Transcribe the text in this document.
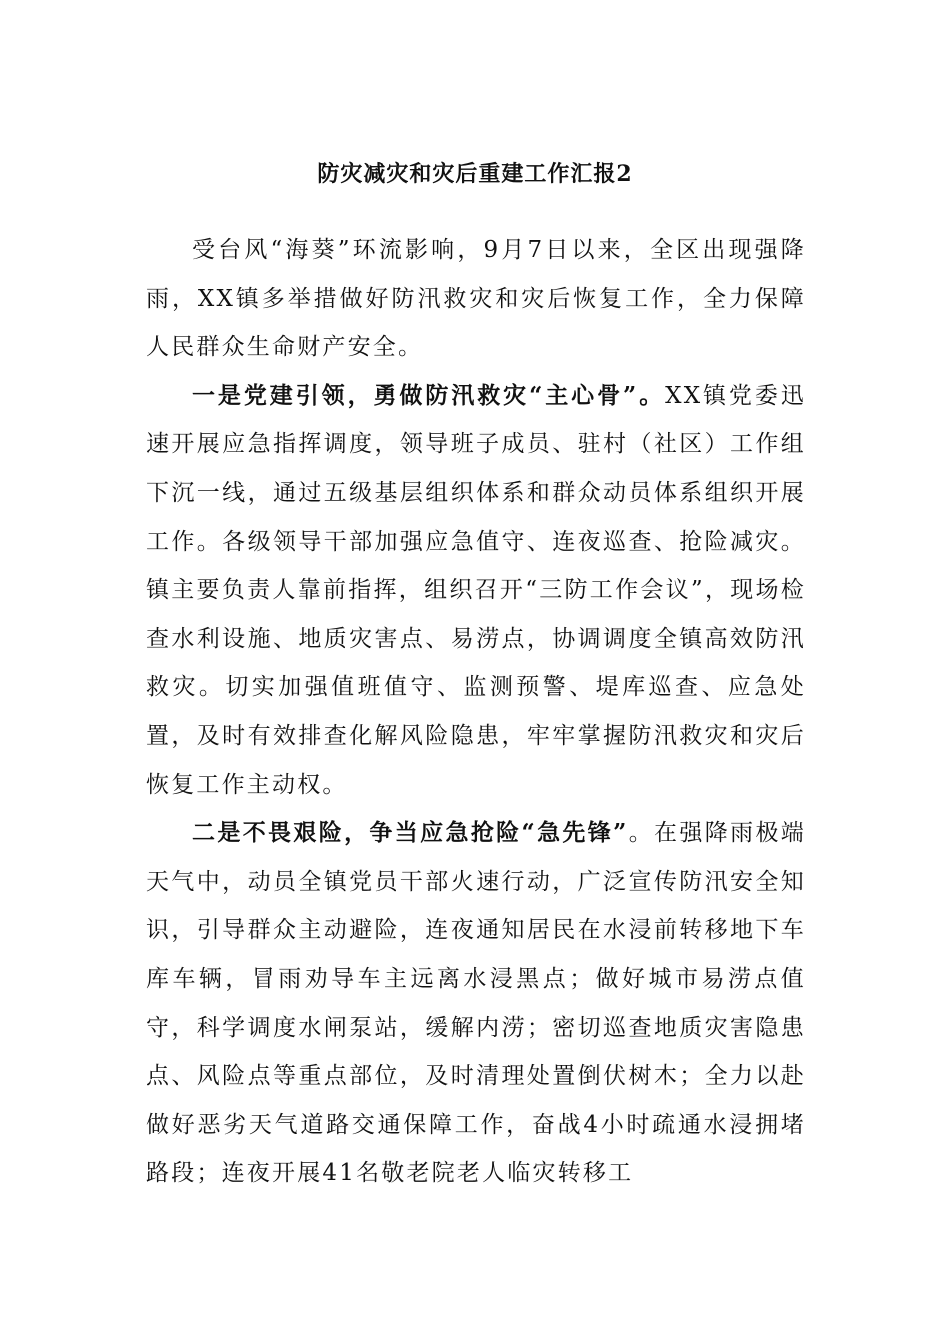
防灾减灾和灾后重建工作汇报2

受台风“海葵”环流影响，9月7日以来，全区出现强降雨，XX镇多举措做好防汛救灾和灾后恢复工作，全力保障人民群众生命财产安全。

一是党建引领，勇做防汛救灾“主心骨”。XX镇党委迅速开展应急指挥调度，领导班子成员、驻村（社区）工作组下沉一线，通过五级基层组织体系和群众动员体系组织开展工作。各级领导干部加强应急值守、连夜巡查、抢险减灾。镇主要负责人靠前指挥，组织召开“三防工作会议”，现场检查水利设施、地质灾害点、易涝点，协调调度全镇高效防汛救灾。切实加强值班值守、监测预警、堤库巡查、应急处置，及时有效排查化解风险隐患，牢牢掌握防汛救灾和灾后恢复工作主动权。

二是不畏艰险，争当应急抢险“急先锋”。在强降雨极端天气中，动员全镇党员干部火速行动，广泛宣传防汛安全知识，引导群众主动避险，连夜通知居民在水浸前转移地下车库车辆，冒雨劝导车主远离水浸黑点；做好城市易涝点值守，科学调度水闸泵站，缓解内涝；密切巡查地质灾害隐患点、风险点等重点部位，及时清理处置倒伏树木；全力以赴做好恶劣天气道路交通保障工作，奋战4小时疏通水浸拥堵路段；连夜开展41名敬老院老人临灾转移工
